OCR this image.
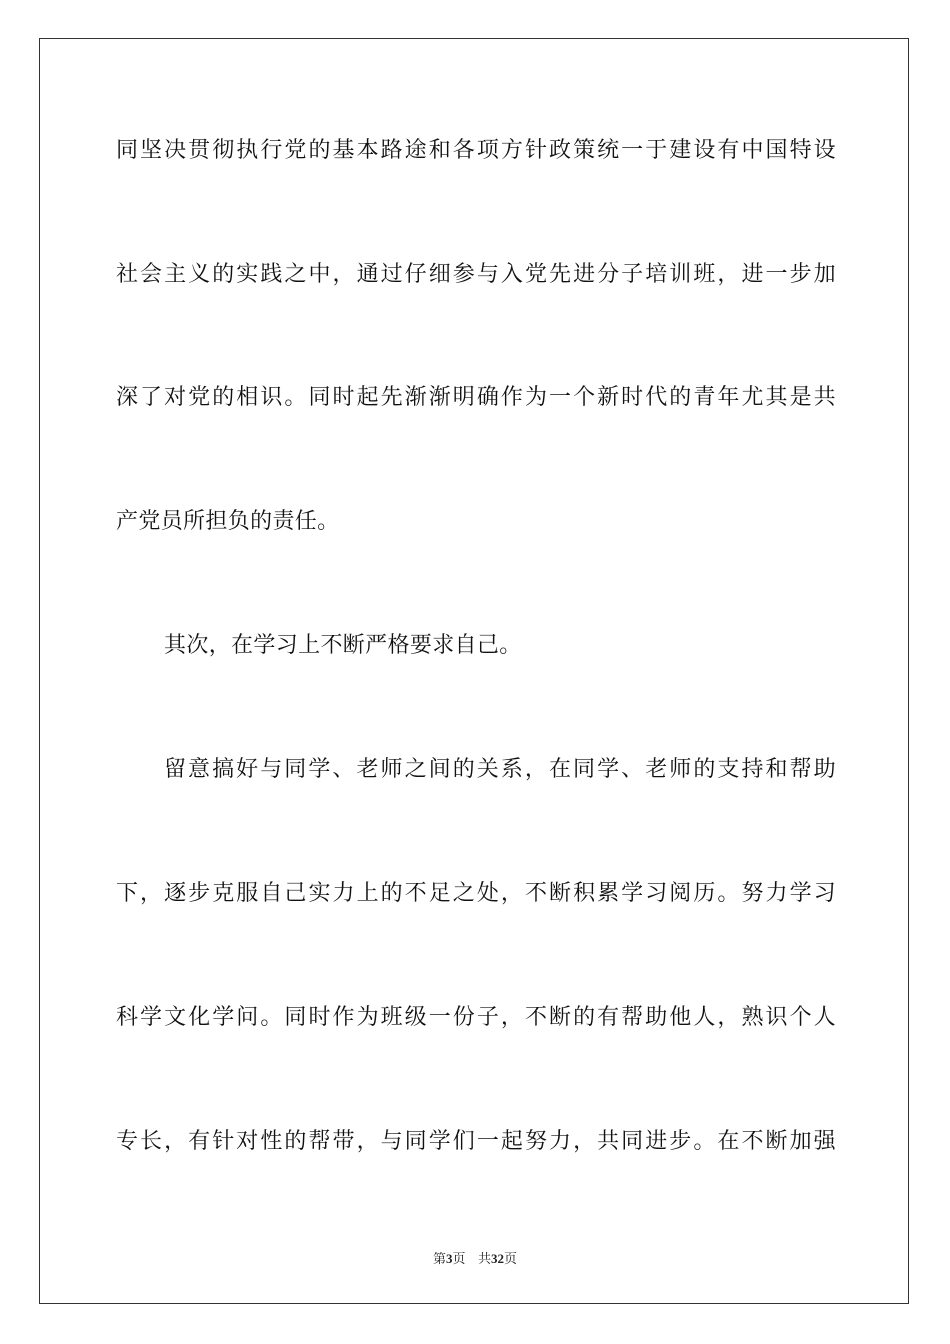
同坚决贯彻执行党的基本路途和各项方针政策统一于建设有中国特设
社会主义的实践之中，通过仔细参与入党先进分子培训班，进一步加
深了对党的相识。同时起先渐渐明确作为一个新时代的青年尤其是共
产党员所担负的责任。
其次，在学习上不断严格要求自己。
留意搞好与同学、老师之间的关系，在同学、老师的支持和帮助
下，逐步克服自己实力上的不足之处，不断积累学习阅历。努力学习
科学文化学问。同时作为班级一份子，不断的有帮助他人，熟识个人
专长，有针对性的帮带，与同学们一起努力，共同进步。在不断加强
第3页 共32页
